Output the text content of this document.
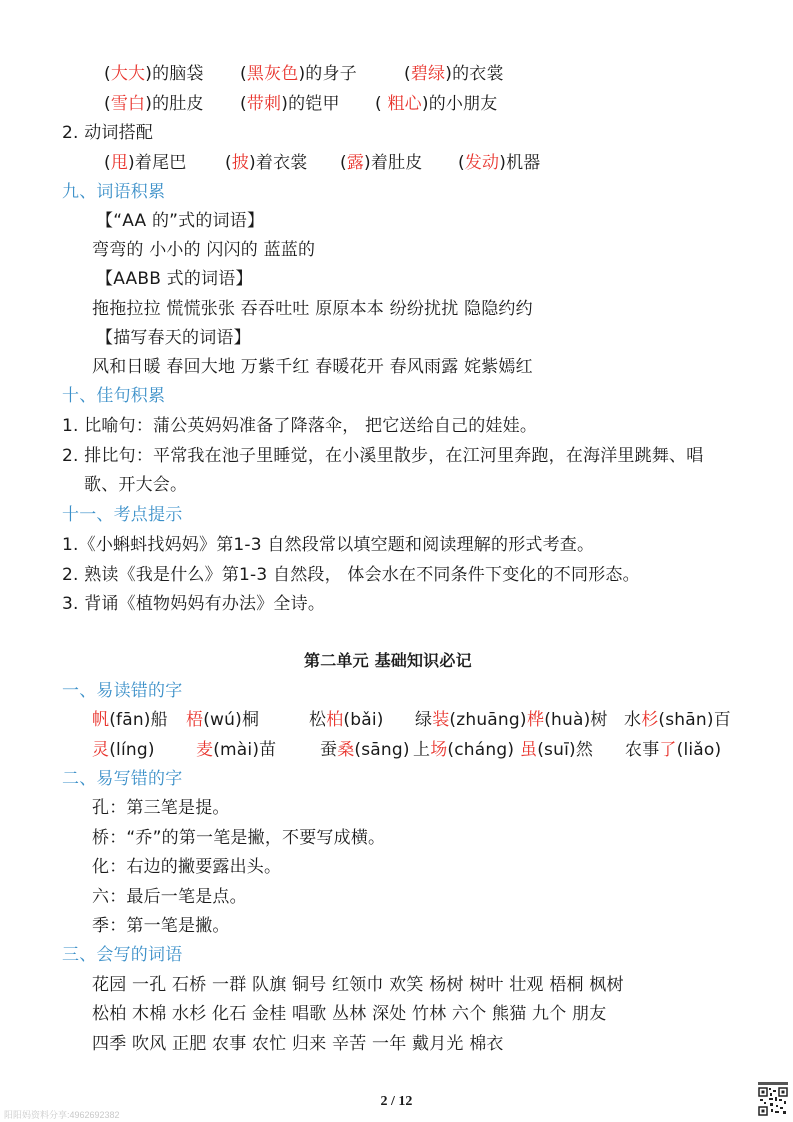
(大大)的脑袋 (黑灰色)的身子	(碧绿)的衣裳
(雪白)的肚皮 (带刺)的铠甲 ( 粗心)的小朋友
2. 动词搭配
(甩)着尾巴 (披)着衣裳 (露)着肚皮 (发动)机器
九、词语积累
【“AA 的”式的词语】
弯弯的 小小的 闪闪的 蓝蓝的
【AABB 式的词语】
拖拖拉拉 慌慌张张 吞吞吐吐 原原本本 纷纷扰扰 隐隐约约
【描写春天的词语】
风和日暖 春回大地 万紫千红 春暖花开 春风雨露 姹紫嫣红
十、佳句积累
1. 比喻句：蒲公英妈妈准备了降落伞， 把它送给自己的娃娃。
2. 排比句：平常我在池子里睡觉，在小溪里散步，在江河里奔跑，在海洋里跳舞、唱
歌、开大会。
十一、考点提示
1.《小蝌蚪找妈妈》第1-3 自然段常以填空题和阅读理解的形式考查。
2. 熟读《我是什么》第1-3 自然段， 体会水在不同条件下变化的不同形态。
3. 背诵《植物妈妈有办法》全诗。
第二单元 基础知识必记
一、易读错的字
帆(fān)船 梧(wú)桐	松柏(bǎi) 绿装(zhuāng)桦(huà)树 水杉(shān)百
灵(líng) 麦(mài)苗	蚕桑(sāng) 上场(cháng) 虽(suī)然 农事了(liǎo)
二、易写错的字
孔：第三笔是提。
桥：“乔”的第一笔是撇，不要写成横。
化：右边的撇要露出头。
六：最后一笔是点。
季：第一笔是撇。
三、会写的词语
花园 一孔 石桥 一群 队旗 铜号 红领巾 欢笑 杨树 树叶 壮观 梧桐 枫树
松柏 木棉 水杉 化石 金桂 唱歌 丛林 深处 竹林 六个 熊猫 九个 朋友
四季 吹风 正肥 农事 农忙 归来 辛苦 一年 戴月光 棉衣
2 / 12
阳阳妈资料分享:4962692382
